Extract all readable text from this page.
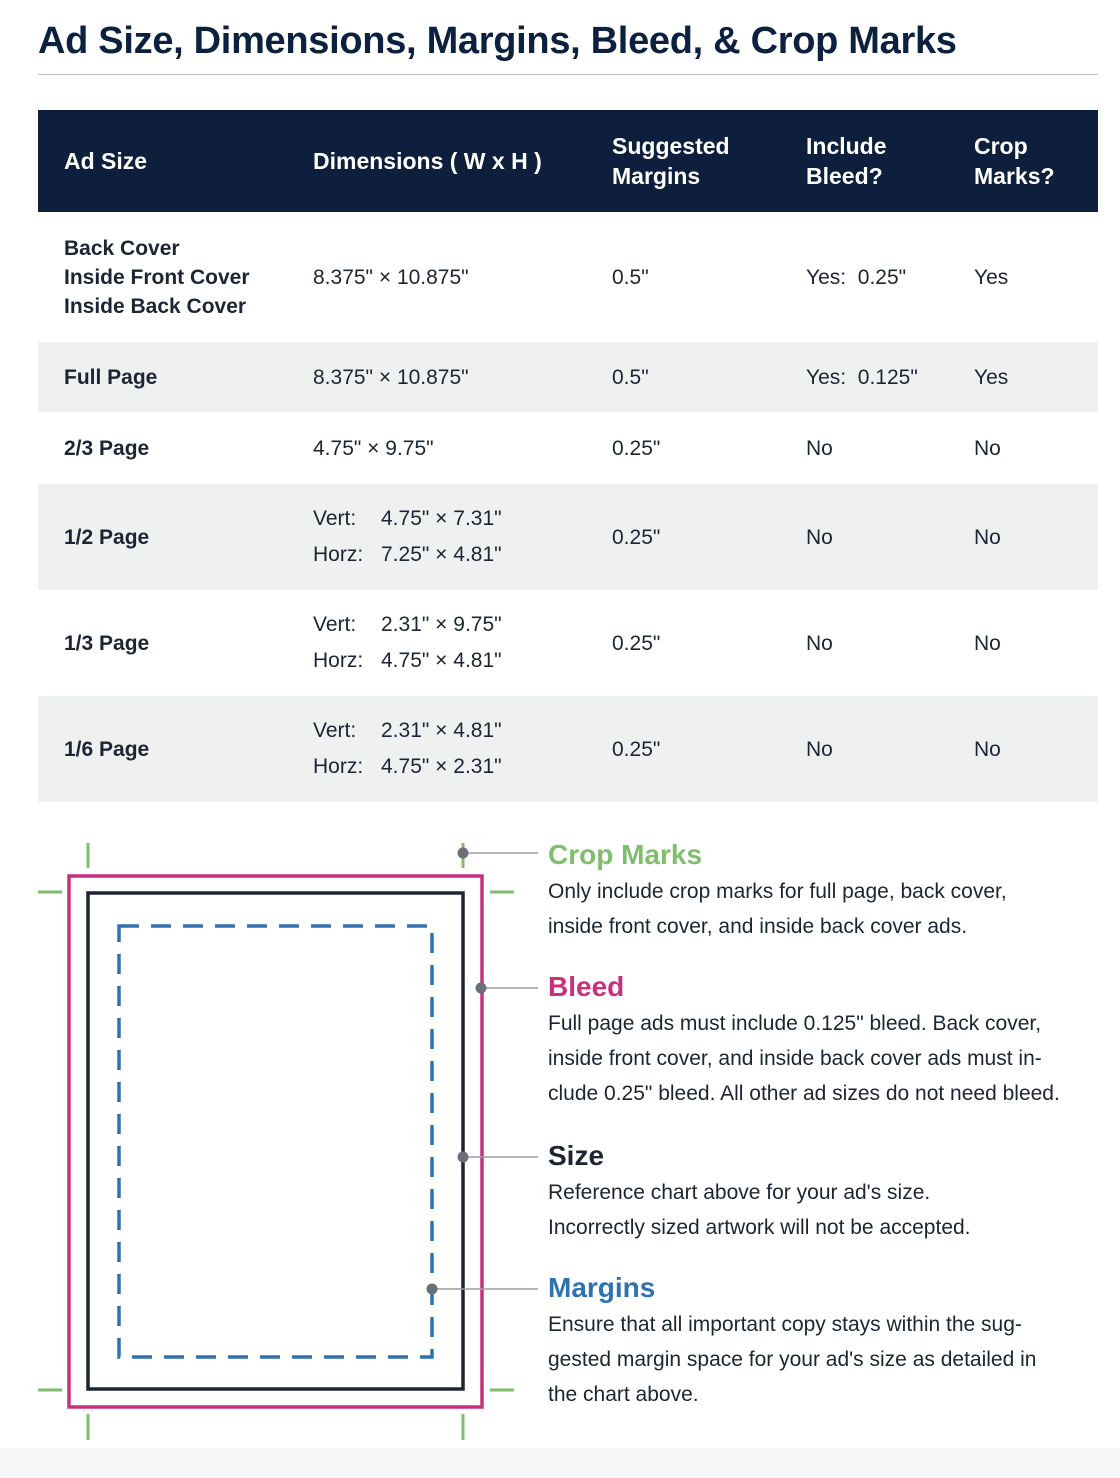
Ad Size, Dimensions, Margins, Bleed, & Crop Marks
Ad Size	Dimensions ( W x H )	Suggested Margins	Include Bleed?	Crop Marks?

Back Cover
Inside Front Cover
Inside Back Cover	8.375" × 10.875"	0.5"	Yes:  0.25"	Yes
Full Page	8.375" × 10.875"	0.5"	Yes:  0.125"	Yes
2/3 Page	4.75" × 9.75"	0.25"	No	No
1/2 Page	Vert: 4.75" × 7.31"
Horz: 7.25" × 4.81"	0.25"	No	No
1/3 Page	Vert: 2.31" × 9.75"
Horz: 4.75" × 4.81"	0.25"	No	No
1/6 Page	Vert: 2.31" × 4.81"
Horz: 4.75" × 2.31"	0.25"	No	No
Crop Marks

Only include crop marks for full page, back cover,
inside front cover, and inside back cover ads.

Bleed

Full page ads must include 0.125" bleed. Back cover,
inside front cover, and inside back cover ads must in-
clude 0.25" bleed. All other ad sizes do not need bleed.

Size

Reference chart above for your ad's size.
Incorrectly sized artwork will not be accepted.

Margins

Ensure that all important copy stays within the sug-
gested margin space for your ad's size as detailed in
the chart above.
